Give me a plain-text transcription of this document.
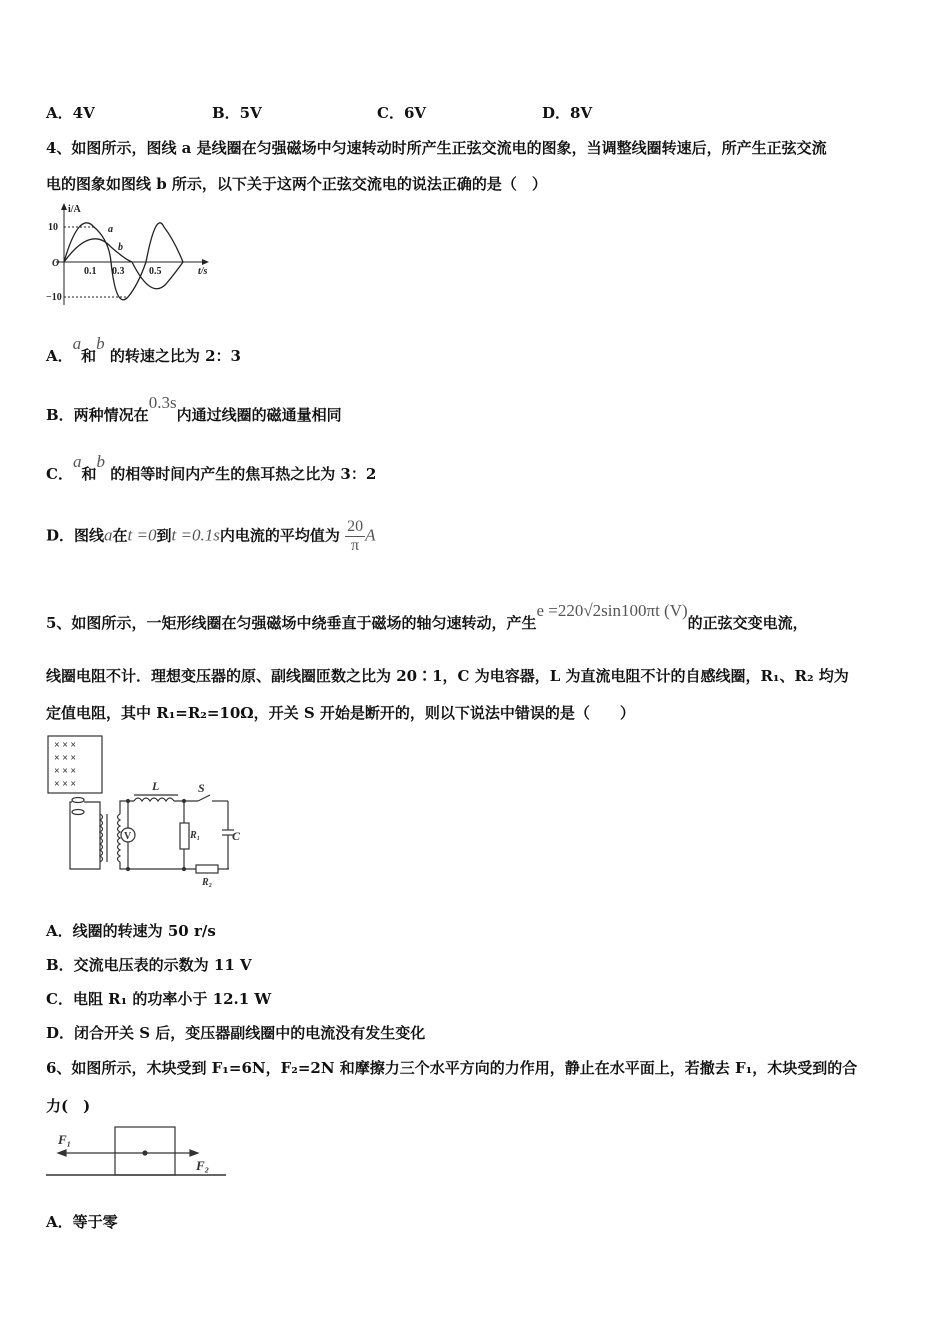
A．4V	B．5V	C．6V	D．8V
4、如图所示，图线 a 是线圈在匀强磁场中匀速转动时所产生正弦交流电的图象，当调整线圈转速后，所产生正弦交流
电的图象如图线 b 所示，以下关于这两个正弦交流电的说法正确的是（　）
i/A
t/s
10
−10
O
0.1 0.3 0.5
a
b
A．a和b 的转速之比为 2：3
B．两种情况在0.3s内通过线圈的磁通量相同
C．a和b 的相等时间内产生的焦耳热之比为 3：2
D．图线a在t =0到t =0.1s内电流的平均值为 $\frac{20}{\pi}$ A
5、如图所示，一矩形线圈在匀强磁场中绕垂直于磁场的轴匀速转动，产生e =220√2sin100πt (V)的正弦交变电流，
线圈电阻不计．理想变压器的原、副线圈匝数之比为 20∶1，C 为电容器，L 为直流电阻不计的自感线圈，R₁、R₂ 均为
定值电阻，其中 R₁=R₂=10Ω，开关 S 开始是断开的，则以下说法中错误的是（　　）
× × ×
× × ×
× × ×
× × ×
V
L	S
R₁	C
R₂
A．线圈的转速为 50 r/s
B．交流电压表的示数为 11 V
C．电阻 R₁ 的功率小于 12.1 W
D．闭合开关 S 后，变压器副线圈中的电流没有发生变化
6、如图所示，木块受到 F₁=6N，F₂=2N 和摩擦力三个水平方向的力作用，静止在水平面上，若撤去 F₁，木块受到的合
力(　)
F₁
F₂
A．等于零
